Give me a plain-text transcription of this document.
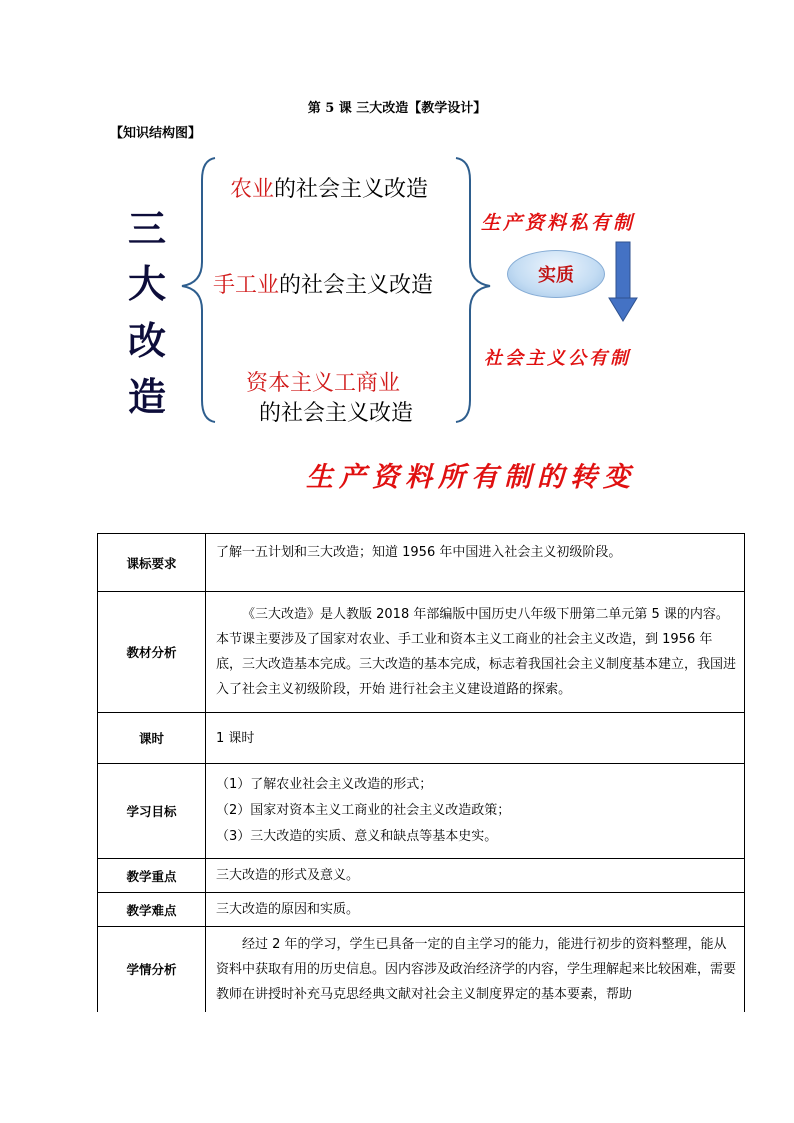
第 5 课 三大改造【教学设计】
【知识结构图】
三
大
改
造
农业的社会主义改造
手工业的社会主义改造
资本主义工商业
的社会主义改造
生产资料私有制
实质
社会主义公有制
生产资料所有制的转变
课标要求	了解一五计划和三大改造；知道 1956 年中国进入社会主义初级阶段。
教材分析	《三大改造》是人教版 2018 年部编版中国历史八年级下册第二单元第 5 课的内容。本节课主要涉及了国家对农业、手工业和资本主义工商业的社会主义改造，到 1956 年底，三大改造基本完成。三大改造的基本完成，标志着我国社会主义制度基本建立，我国进入了社会主义初级阶段，开始 进行社会主义建设道路的探索。
课时	1 课时
学习目标	（1）了解农业社会主义改造的形式；

（2）国家对资本主义工商业的社会主义改造政策；

（3）三大改造的实质、意义和缺点等基本史实。

教学重点	三大改造的形式及意义。
教学难点	三大改造的原因和实质。
学情分析	经过 2 年的学习，学生已具备一定的自主学习的能力，能进行初步的资料整理，能从资料中获取有用的历史信息。因内容涉及政治经济学的内容，学生理解起来比较困难，需要教师在讲授时补充马克思经典文献对社会主义制度界定的基本要素，帮助
